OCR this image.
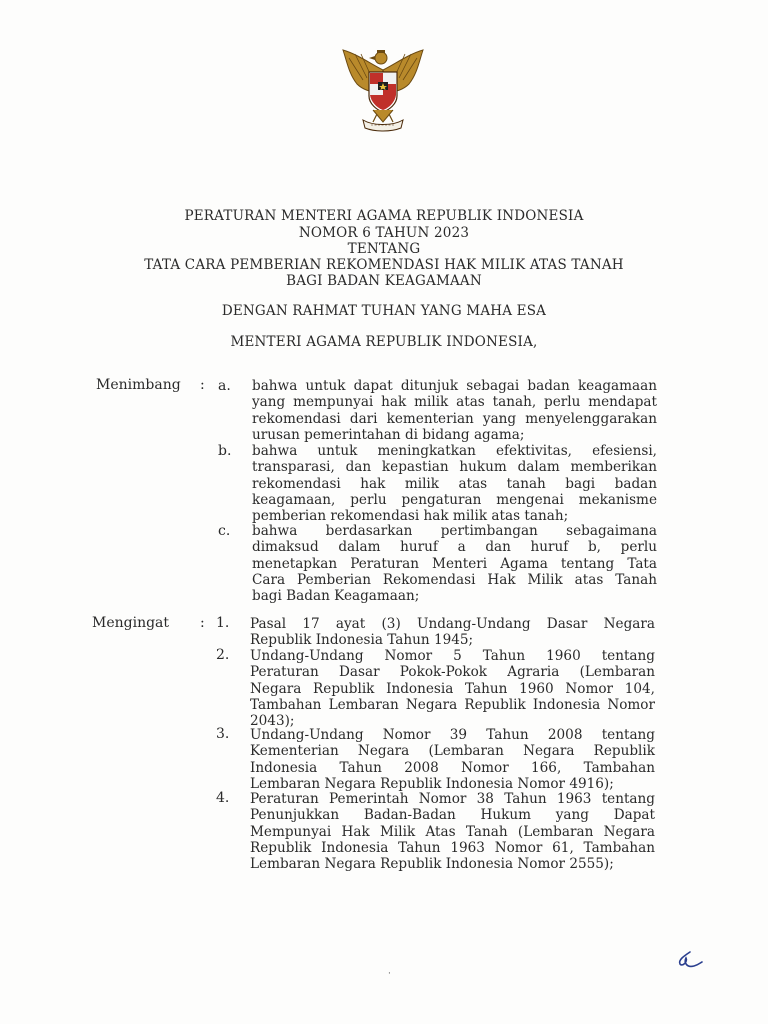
PERATURAN MENTERI AGAMA REPUBLIK INDONESIA
NOMOR 6 TAHUN 2023
TENTANG
TATA CARA PEMBERIAN REKOMENDASI HAK MILIK ATAS TANAH
BAGI BADAN KEAGAMAAN
DENGAN RAHMAT TUHAN YANG MAHA ESA
MENTERI AGAMA REPUBLIK INDONESIA,
Menimbang : a. bahwa untuk dapat ditunjuk sebagai badan keagamaan
yang mempunyai hak milik atas tanah, perlu mendapat
rekomendasi dari kementerian yang menyelenggarakan
urusan pemerintahan di bidang agama;
b. bahwa untuk meningkatkan efektivitas, efesiensi,
transparasi, dan kepastian hukum dalam memberikan
rekomendasi hak milik atas tanah bagi badan
keagamaan, perlu pengaturan mengenai mekanisme
pemberian rekomendasi hak milik atas tanah;
c. bahwa berdasarkan pertimbangan sebagaimana
dimaksud dalam huruf a dan huruf b, perlu
menetapkan Peraturan Menteri Agama tentang Tata
Cara Pemberian Rekomendasi Hak Milik atas Tanah
bagi Badan Keagamaan;
Mengingat : 1. Pasal 17 ayat (3) Undang-Undang Dasar Negara
Republik Indonesia Tahun 1945;
2. Undang-Undang Nomor 5 Tahun 1960 tentang
Peraturan Dasar Pokok-Pokok Agraria (Lembaran
Negara Republik Indonesia Tahun 1960 Nomor 104,
Tambahan Lembaran Negara Republik Indonesia Nomor
2043);
3. Undang-Undang Nomor 39 Tahun 2008 tentang
Kementerian Negara (Lembaran Negara Republik
Indonesia Tahun 2008 Nomor 166, Tambahan
Lembaran Negara Republik Indonesia Nomor 4916);
4. Peraturan Pemerintah Nomor 38 Tahun 1963 tentang
Penunjukkan Badan-Badan Hukum yang Dapat
Mempunyai Hak Milik Atas Tanah (Lembaran Negara
Republik Indonesia Tahun 1963 Nomor 61, Tambahan
Lembaran Negara Republik Indonesia Nomor 2555);
·
